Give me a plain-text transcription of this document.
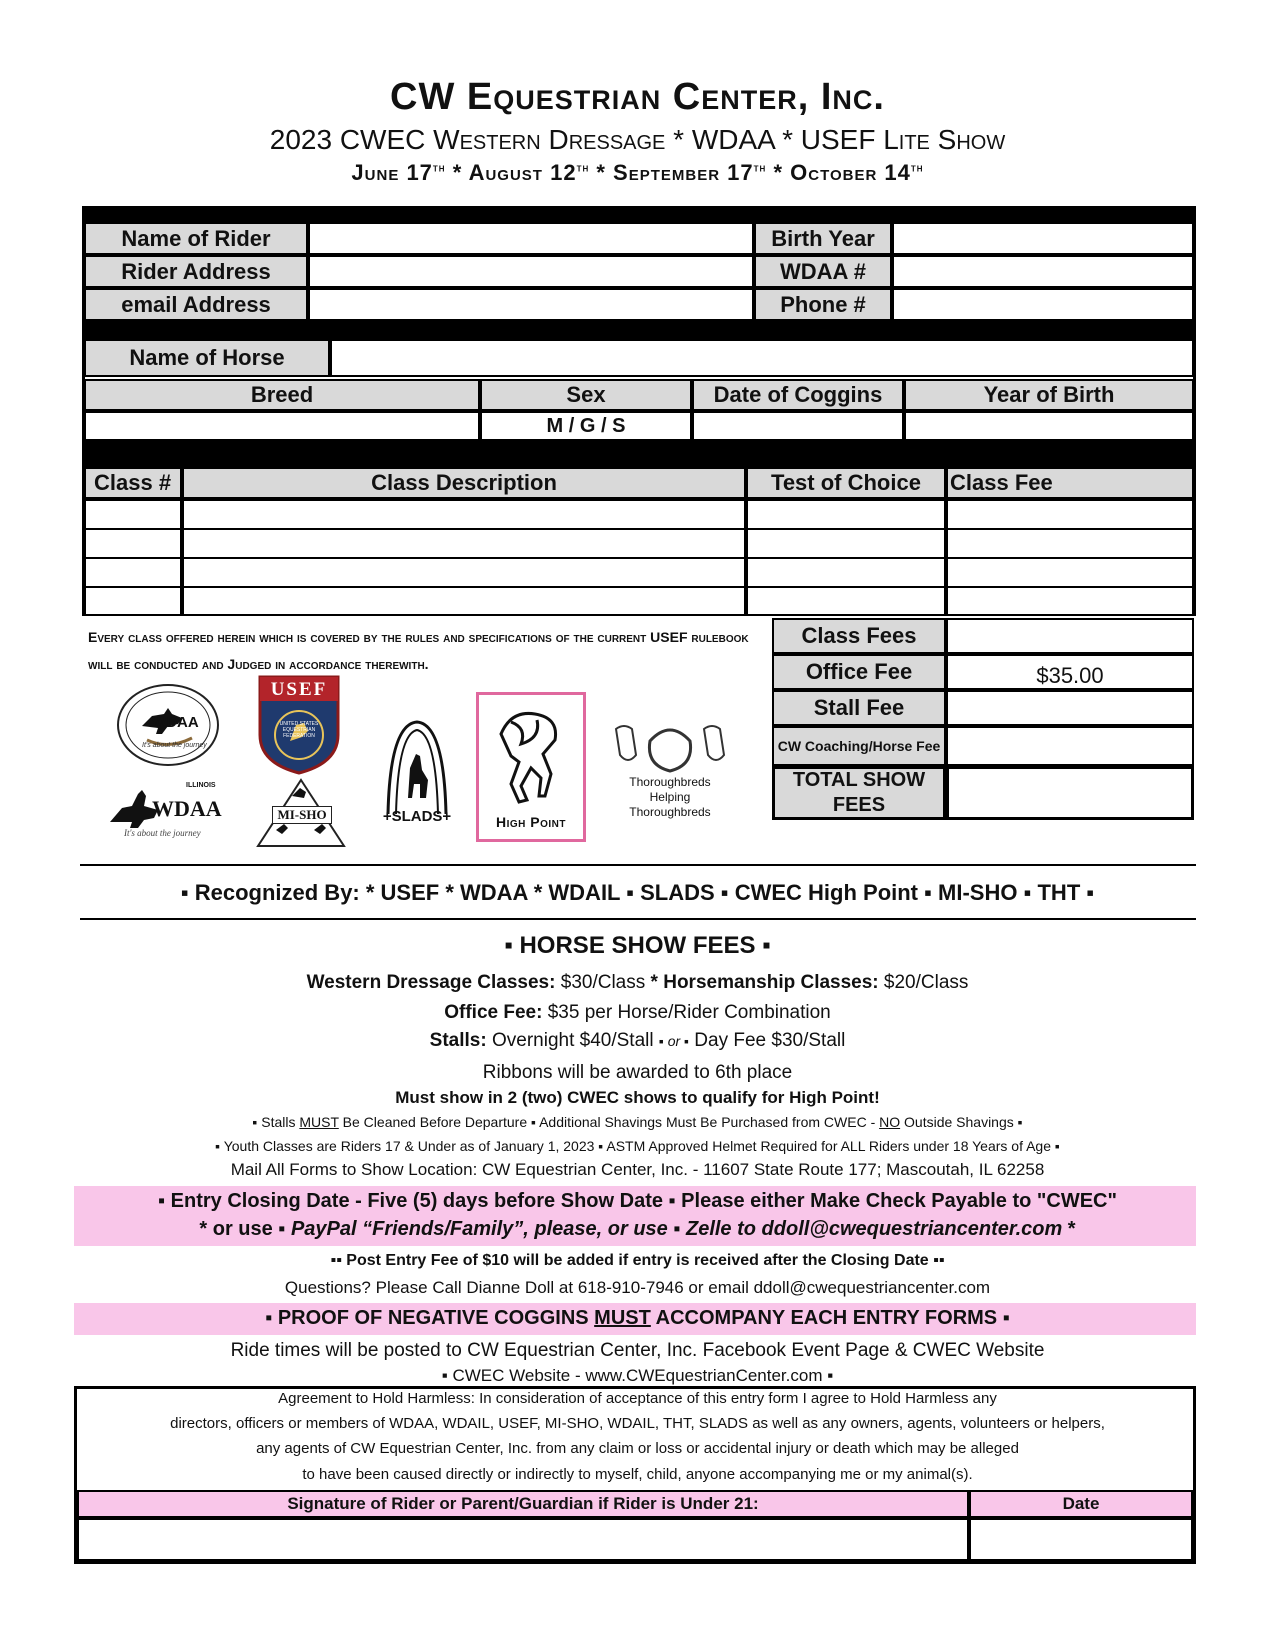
CW Equestrian Center, Inc.
2023 CWEC Western Dressage * WDAA * USEF Lite Show
June 17th * August 12th * September 17th * October 14th
Name of Rider	Birth Year
Rider Address	WDAA #
email Address	Phone #
Name of Horse
Breed	Sex	Date of Coggins	Year of Birth
M / G / S
Class #	Class Description	Test of Choice	Class Fee
Every class offered herein which is covered by the rules and specifications of the current USEF rulebook will be conducted and Judged in accordance therewith.
Class Fees
Office Fee	$35.00
Stall Fee
CW Coaching/Horse Fee
TOTAL SHOW FEES
WDAA
It's about the journey
USEF
UNITED STATES EQUESTRIAN FEDERATION
ILLINOIS
WDAA
It's about the journey
MI-SHO	+SLADS+	High Point
Thoroughbreds
Helping
Thoroughbreds
▪ Recognized By: * USEF * WDAA * WDAIL ▪ SLADS ▪ CWEC High Point ▪ MI-SHO ▪ THT ▪
▪ HORSE SHOW FEES ▪
Western Dressage Classes: $30/Class * Horsemanship Classes: $20/Class
Office Fee: $35 per Horse/Rider Combination
Stalls: Overnight $40/Stall ▪ or ▪ Day Fee $30/Stall
Ribbons will be awarded to 6th place
Must show in 2 (two) CWEC shows to qualify for High Point!
▪ Stalls MUST Be Cleaned Before Departure ▪ Additional Shavings Must Be Purchased from CWEC - NO Outside Shavings ▪
▪ Youth Classes are Riders 17 & Under as of January 1, 2023 ▪ ASTM Approved Helmet Required for ALL Riders under 18 Years of Age ▪
Mail All Forms to Show Location: CW Equestrian Center, Inc. - 11607 State Route 177; Mascoutah, IL 62258
▪ Entry Closing Date - Five (5) days before Show Date ▪ Please either Make Check Payable to "CWEC"
* or use ▪ PayPal “Friends/Family”, please, or use ▪ Zelle to ddoll@cwequestriancenter.com *
▪▪ Post Entry Fee of $10 will be added if entry is received after the Closing Date ▪▪
Questions? Please Call Dianne Doll at 618-910-7946 or email ddoll@cwequestriancenter.com
▪ PROOF OF NEGATIVE COGGINS MUST ACCOMPANY EACH ENTRY FORMS ▪
Ride times will be posted to CW Equestrian Center, Inc. Facebook Event Page & CWEC Website
▪ CWEC Website - www.CWEquestrianCenter.com ▪
Agreement to Hold Harmless: In consideration of acceptance of this entry form I agree to Hold Harmless any
directors, officers or members of WDAA, WDAIL, USEF, MI-SHO, WDAIL, THT, SLADS as well as any owners, agents, volunteers or helpers,
any agents of CW Equestrian Center, Inc. from any claim or loss or accidental injury or death which may be alleged
to have been caused directly or indirectly to myself, child, anyone accompanying me or my animal(s).
Signature of Rider or Parent/Guardian if Rider is Under 21:	Date
